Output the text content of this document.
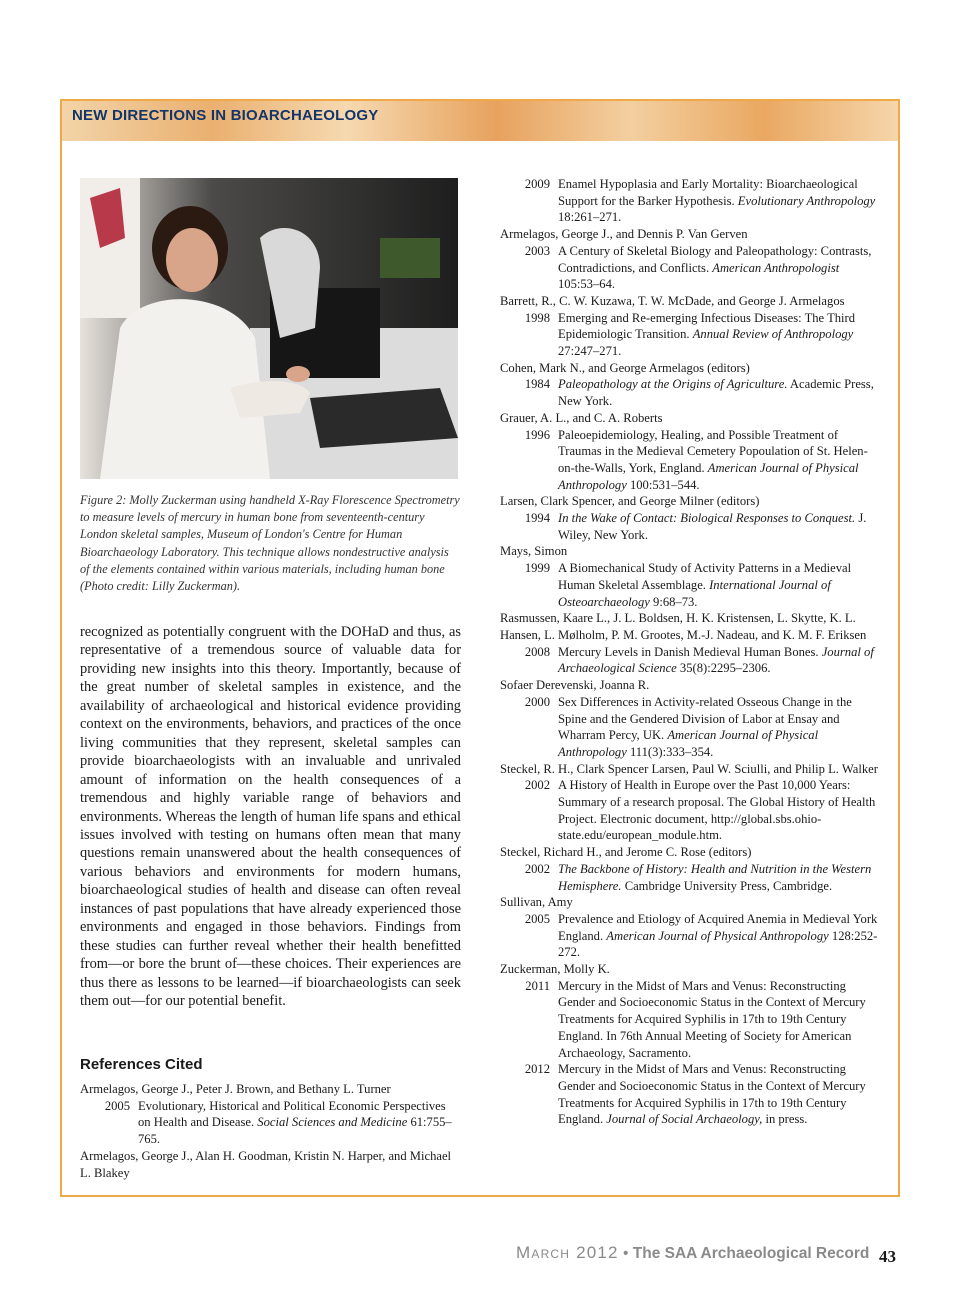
NEW DIRECTIONS IN BIOARCHAEOLOGY
Figure 2: Molly Zuckerman using handheld X-Ray Florescence Spectrometry to measure levels of mercury in human bone from seventeenth-century London skeletal samples, Museum of London's Centre for Human Bioarchaeology Laboratory. This technique allows nondestructive analysis of the elements contained within various materials, including human bone (Photo credit: Lilly Zuckerman).
recognized as potentially congruent with the DOHaD and thus, as representative of a tremendous source of valuable data for providing new insights into this theory. Importantly, because of the great number of skeletal samples in existence, and the availability of archaeological and historical evidence providing context on the environments, behaviors, and practices of the once living communities that they represent, skeletal samples can provide bioarchaeologists with an invaluable and unrivaled amount of information on the health consequences of a tremendous and highly variable range of behaviors and environments. Whereas the length of human life spans and ethical issues involved with testing on humans often mean that many questions remain unanswered about the health consequences of various behaviors and environments for modern humans, bioarchaeological studies of health and disease can often reveal instances of past populations that have already experienced those environments and engaged in those behaviors. Findings from these studies can further reveal whether their health benefitted from—or bore the brunt of—these choices. Their experiences are thus there as lessons to be learned—if bioarchaeologists can seek them out—for our potential benefit.
References Cited
Armelagos, George J., Peter J. Brown, and Bethany L. Turner
2005 Evolutionary, Historical and Political Economic Perspectives on Health and Disease. Social Sciences and Medicine 61:755–765.
Armelagos, George J., Alan H. Goodman, Kristin N. Harper, and Michael L. Blakey
2009 Enamel Hypoplasia and Early Mortality: Bioarchaeological Support for the Barker Hypothesis. Evolutionary Anthropology 18:261–271.
Armelagos, George J., and Dennis P. Van Gerven
2003 A Century of Skeletal Biology and Paleopathology: Contrasts, Contradictions, and Conflicts. American Anthropologist 105:53–64.
Barrett, R., C. W. Kuzawa, T. W. McDade, and George J. Armelagos
1998 Emerging and Re-emerging Infectious Diseases: The Third Epidemiologic Transition. Annual Review of Anthropology 27:247–271.
Cohen, Mark N., and George Armelagos (editors)
1984 Paleopathology at the Origins of Agriculture. Academic Press, New York.
Grauer, A. L., and C. A. Roberts
1996 Paleoepidemiology, Healing, and Possible Treatment of Traumas in the Medieval Cemetery Popoulation of St. Helen-on-the-Walls, York, England. American Journal of Physical Anthropology 100:531–544.
Larsen, Clark Spencer, and George Milner (editors)
1994 In the Wake of Contact: Biological Responses to Conquest. J. Wiley, New York.
Mays, Simon
1999 A Biomechanical Study of Activity Patterns in a Medieval Human Skeletal Assemblage. International Journal of Osteoarchaeology 9:68–73.
Rasmussen, Kaare L., J. L. Boldsen, H. K. Kristensen, L. Skytte, K. L. Hansen, L. Mølholm, P. M. Grootes, M.-J. Nadeau, and K. M. F. Eriksen
2008 Mercury Levels in Danish Medieval Human Bones. Journal of Archaeological Science 35(8):2295–2306.
Sofaer Derevenski, Joanna R.
2000 Sex Differences in Activity-related Osseous Change in the Spine and the Gendered Division of Labor at Ensay and Wharram Percy, UK. American Journal of Physical Anthropology 111(3):333–354.
Steckel, R. H., Clark Spencer Larsen, Paul W. Sciulli, and Philip L. Walker
2002 A History of Health in Europe over the Past 10,000 Years: Summary of a research proposal. The Global History of Health Project. Electronic document, http://global.sbs.ohio-state.edu/european_module.htm.
Steckel, Richard H., and Jerome C. Rose (editors)
2002 The Backbone of History: Health and Nutrition in the Western Hemisphere. Cambridge University Press, Cambridge.
Sullivan, Amy
2005 Prevalence and Etiology of Acquired Anemia in Medieval York England. American Journal of Physical Anthropology 128:252-272.
Zuckerman, Molly K.
2011 Mercury in the Midst of Mars and Venus: Reconstructing Gender and Socioeconomic Status in the Context of Mercury Treatments for Acquired Syphilis in 17th to 19th Century England. In 76th Annual Meeting of Society for American Archaeology, Sacramento.
2012 Mercury in the Midst of Mars and Venus: Reconstructing Gender and Socioeconomic Status in the Context of Mercury Treatments for Acquired Syphilis in 17th to 19th Century England. Journal of Social Archaeology, in press.
March 2012 • The SAA Archaeological Record 43
